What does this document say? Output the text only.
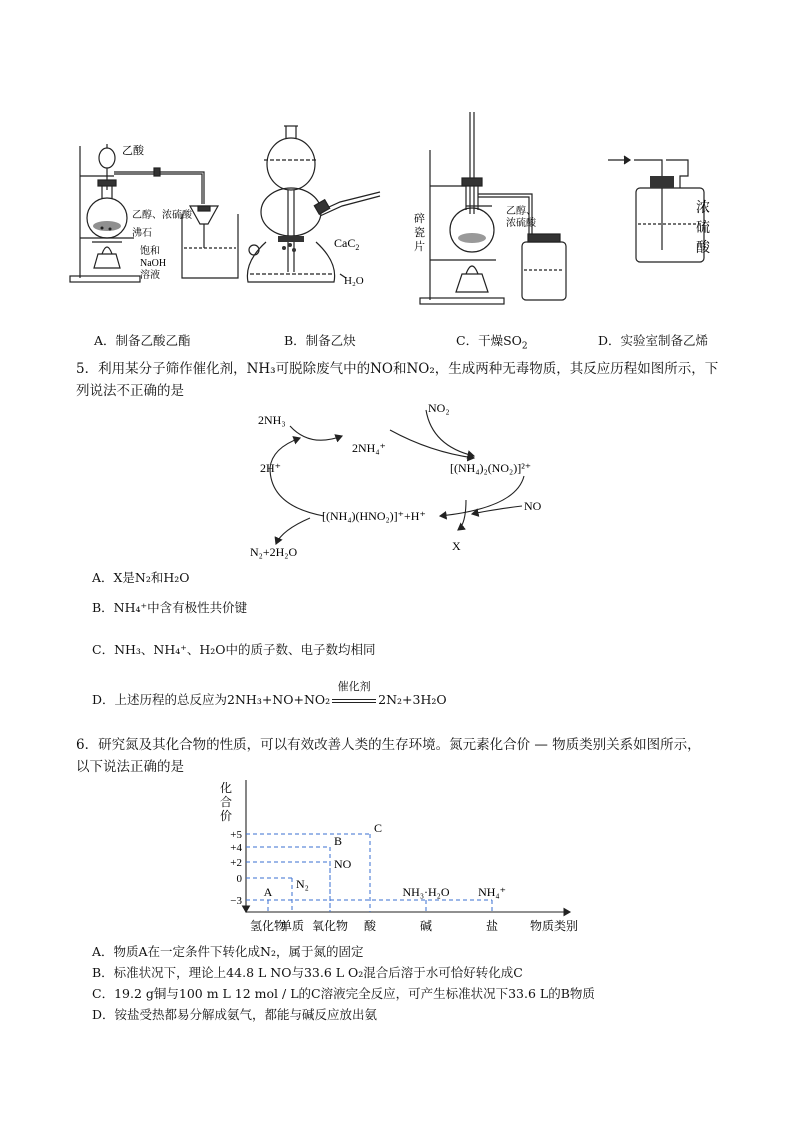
乙酸
乙醇、浓硫酸
沸石
饱和
NaOH
溶液
CaC$_2$
H₂O
乙醇、
浓硫酸
碎
瓷
片
浓
硫
酸
A．制备乙酸乙酯	B．制备乙炔	C．干燥$SO_2$	D．实验室制备乙烯
5．利用某分子筛作催化剂，NH₃可脱除废气中的NO和NO₂，生成两种无毒物质，其反应历程如图所示，下
列说法不正确的是
2NH₃
2NH₄⁺
NO₂
[(NH₄)₂(NO₂)]²⁺
2H⁺
NO
[(NH₄)(HNO₂)]⁺+H⁺
X
N₂+2H₂O
A．X是N₂和H₂O
B．NH₄⁺中含有极性共价键
C．NH₃、NH₄⁺、H₂O中的质子数、电子数均相同
D．上述历程的总反应为2NH₃+NO+NO₂
催化剂
2N₂+3H₂O
6．研究氮及其化合物的性质，可以有效改善人类的生存环境。氮元素化合价 — 物质类别关系如图所示，
以下说法正确的是
+5
+4
+2
0
−3
氢化物
单质 氧化物 酸	碱	盐
A
N₂
NO
B
C
NH₃·H₂O NH₄⁺
化
合
价
物质类别
A．物质A在一定条件下转化成N₂，属于氮的固定
B．标准状况下，理论上44.8 L NO与33.6 L O₂混合后溶于水可恰好转化成C
C．19.2 g铜与100 m L 12 mol / L的C溶液完全反应，可产生标准状况下33.6 L的B物质
D．铵盐受热都易分解成氨气，都能与碱反应放出氨
